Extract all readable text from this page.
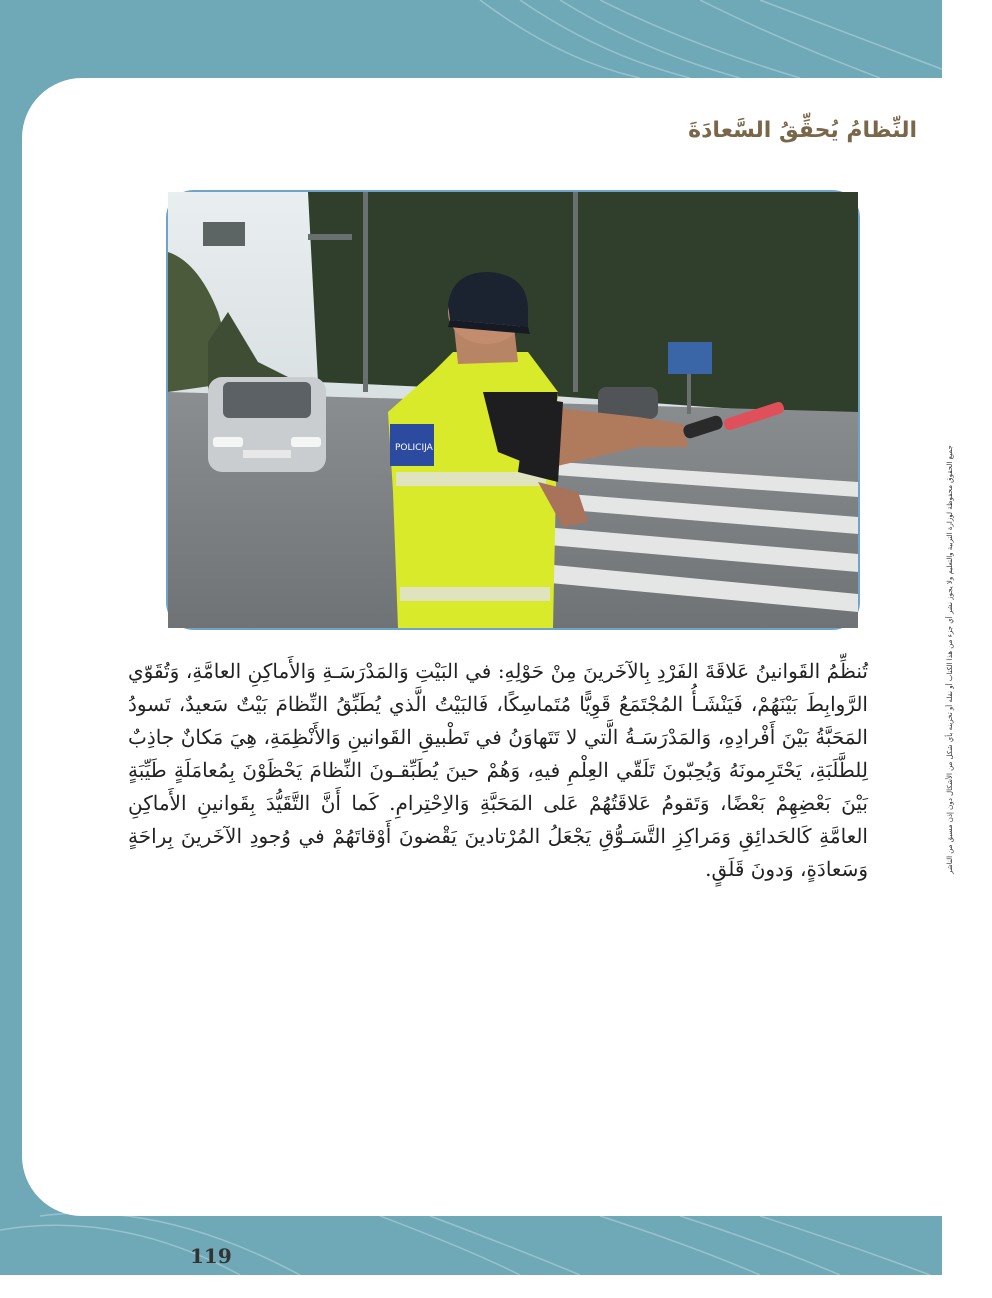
جميع الحقوق محفوظة لوزارة التربية والتعليم ولا يجوز نشر أي جزء من هذا الكتاب أو نقله أو تخزينه بأي شكل من الأشكال دون إذن مسبق من الناشر
النِّظامُ يُحقِّقُ السَّعادَةَ
POLICIJA

تُنظِّمُ القَوانينُ عَلاقَةَ الفَرْدِ بِالآخَرينَ مِنْ حَوْلِهِ: في البَيْتِ وَالمَدْرَسَـةِ وَالأَماكِنِ العامَّةِ، وَتُقَوّي الرَّوابِطَ بَيْنَهُمْ، فَيَنْشَـأُ المُجْتَمَعُ قَوِيًّا مُتَماسِكًا، فَالبَيْتُ الَّذي يُطَبِّقُ النِّظامَ بَيْتٌ سَعيدٌ، تَسودُ المَحَبَّةُ بَيْنَ أَفْرادِهِ، وَالمَدْرَسَـةُ الَّتي لا تَتَهاوَنُ في تَطْبيقِ القَوانينِ وَالأَنْظِمَةِ، هِيَ مَكانٌ جاذِبٌ لِلطَّلَبَةِ، يَحْتَرِمونَهُ وَيُحِبّونَ تَلَقّي العِلْمِ فيهِ، وَهُمْ حينَ يُطَبِّقـونَ النِّظامَ يَحْظَوْنَ بِمُعامَلَةٍ طَيِّبَةٍ بَيْنَ بَعْضِهِمْ بَعْضًا، وَتَقومُ عَلاقَتُهُمْ عَلى المَحَبَّةِ وَالاِحْتِرامِ. كَما أَنَّ التَّقَيُّدَ بِقَوانينِ الأَماكِنِ العامَّةِ كَالحَدائِقِ وَمَراكِزِ التَّسَـوُّقِ يَجْعَلُ المُرْتادينَ يَقْضونَ أَوْقاتَهُمْ في وُجودِ الآخَرينَ بِراحَةٍ وَسَعادَةٍ، وَدونَ قَلَقٍ.

119
